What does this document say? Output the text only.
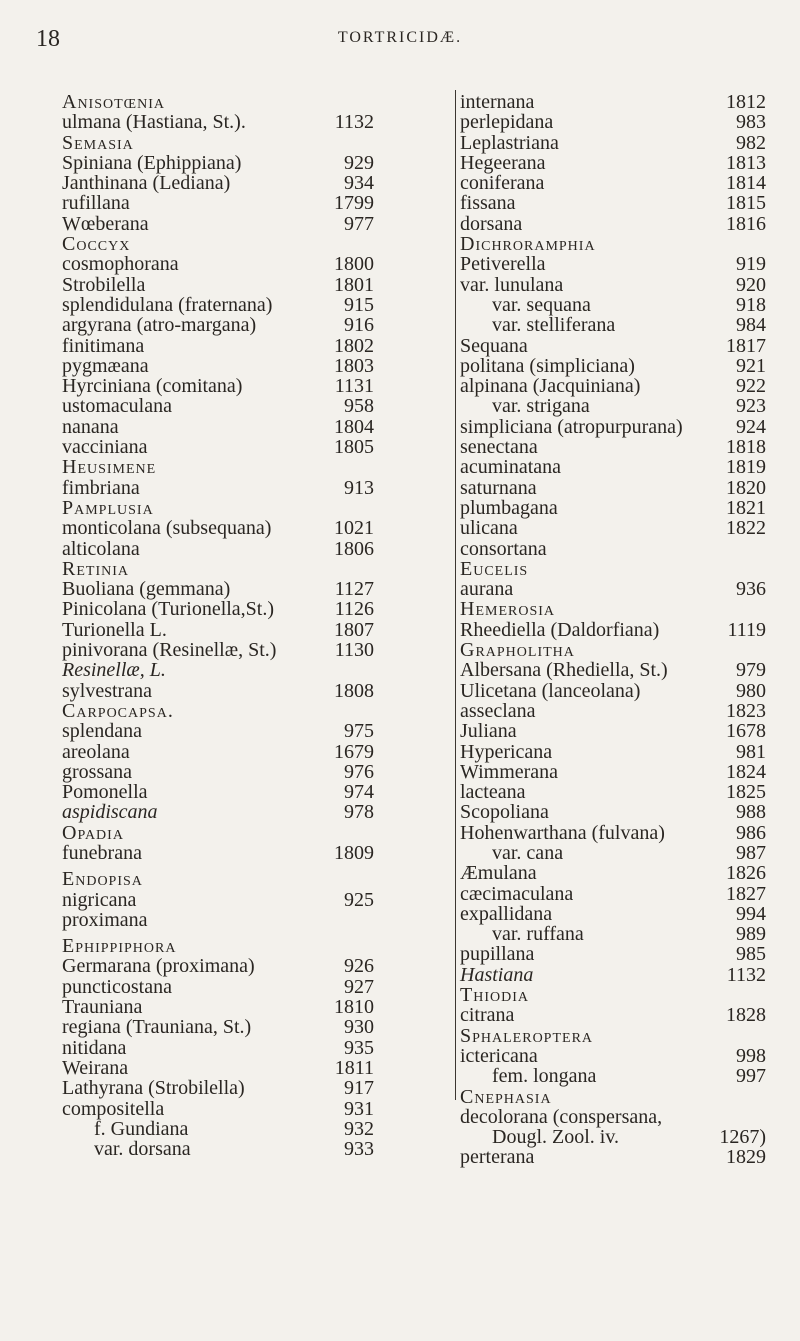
18	TORTRICIDÆ.
Anisotœnia
ulmana (Hastiana, St.).	1132
Semasia
Spiniana (Ephippiana)	929
Janthinana (Lediana)	934
rufillana	1799
Wœberana	977
Coccyx
cosmophorana	1800
Strobilella	1801
splendidulana (fraternana)	915
argyrana (atro-margana)	916
finitimana	1802
pygmæana	1803
Hyrciniana (comitana)	1131
ustomaculana	958
nanana	1804
vacciniana	1805
Heusimene
fimbriana	913
Pamplusia
monticolana (subsequana)	1021
alticolana	1806
Retinia
Buoliana (gemmana)	1127
Pinicolana (Turionella,St.)	1126
Turionella L.	1807
pinivorana (Resinellæ, St.)	1130
Resinellæ, L.
sylvestrana	1808
Carpocapsa.
splendana	975
areolana	1679
grossana	976
Pomonella	974
aspidiscana	978
Opadia
funebrana	1809
Endopisa
nigricana	925
proximana
Ephippiphora
Germarana (proximana)	926
puncticostana	927
Trauniana	1810
regiana (Trauniana, St.)	930
nitidana	935
Weirana	1811
Lathyrana (Strobilella)	917
compositella	931
f. Gundiana	932
var. dorsana	933
internana	1812
perlepidana	983
Leplastriana	982
Hegeerana	1813
coniferana	1814
fissana	1815
dorsana	1816
Dichroramphia
Petiverella	919
var. lunulana	920
var. sequana	918
var. stelliferana	984
Sequana	1817
politana (simpliciana)	921
alpinana (Jacquiniana)	922
var. strigana	923
simpliciana (atropurpurana)	924
senectana	1818
acuminatana	1819
saturnana	1820
plumbagana	1821
ulicana	1822
consortana
Eucelis
aurana	936
Hemerosia
Rheediella (Daldorfiana)	1119
Grapholitha
Albersana (Rhediella, St.)	979
Ulicetana (lanceolana)	980
asseclana	1823
Juliana	1678
Hypericana	981
Wimmerana	1824
lacteana	1825
Scopoliana	988
Hohenwarthana (fulvana)	986
var. cana	987
Æmulana	1826
cæcimaculana	1827
expallidana	994
var. ruffana	989
pupillana	985
Hastiana	1132
Thiodia
citrana	1828
Sphaleroptera
ictericana	998
fem. longana	997
Cnephasia
decolorana (conspersana,
Dougl. Zool. iv.	1267)
perterana	1829
